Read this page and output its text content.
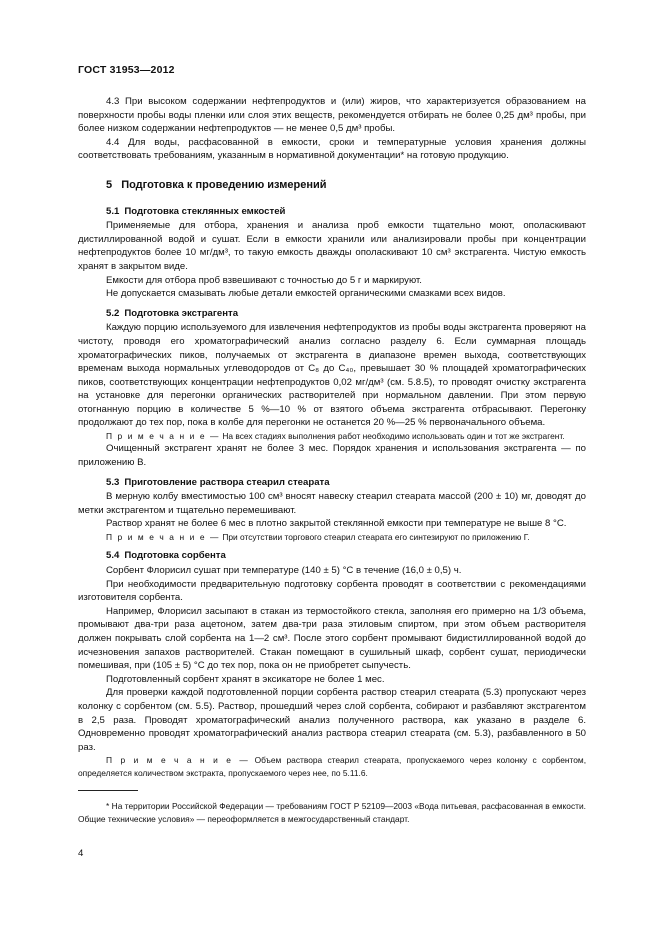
ГОСТ 31953—2012

4.3 При высоком содержании нефтепродуктов и (или) жиров, что характеризуется образованием на поверхности пробы воды пленки или слоя этих веществ, рекомендуется отбирать не более 0,25 дм³ пробы, при более низком содержании нефтепродуктов — не менее 0,5 дм³ пробы.

4.4 Для воды, расфасованной в емкости, сроки и температурные условия хранения должны соответствовать требованиям, указанным в нормативной документации* на готовую продукцию.

5 Подготовка к проведению измерений
5.1 Подготовка стеклянных емкостей

Применяемые для отбора, хранения и анализа проб емкости тщательно моют, ополаскивают дистиллированной водой и сушат. Если в емкости хранили или анализировали пробы при концентрации нефтепродуктов более 10 мг/дм³, то такую емкость дважды ополаскивают 10 см³ экстрагента. Чистую емкость хранят в закрытом виде.

Емкости для отбора проб взвешивают с точностью до 5 г и маркируют.

Не допускается смазывать любые детали емкостей органическими смазками всех видов.

5.2 Подготовка экстрагента

Каждую порцию используемого для извлечения нефтепродуктов из пробы воды экстрагента проверяют на чистоту, проводя его хроматографический анализ согласно разделу 6. Если суммарная площадь хроматографических пиков, получаемых от экстрагента в диапазоне времен выхода, соответствующих временам выхода нормальных углеводородов от C₈ до C₄₀, превышает 30 % площадей хроматографических пиков, соответствующих концентрации нефтепродуктов 0,02 мг/дм³ (см. 5.8.5), то проводят очистку экстрагента на установке для перегонки органических растворителей при нормальном давлении. При этом первую отогнанную порцию в количестве 5 %—10 % от взятого объема экстрагента отбрасывают. Перегонку продолжают до тех пор, пока в колбе для перегонки не останется 20 %—25 % первоначального объема.

П р и м е ч а н и е — На всех стадиях выполнения работ необходимо использовать один и тот же экстрагент.

Очищенный экстрагент хранят не более 3 мес. Порядок хранения и использования экстрагента — по приложению В.

5.3 Приготовление раствора стеарил стеарата

В мерную колбу вместимостью 100 см³ вносят навеску стеарил стеарата массой (200 ± 10) мг, доводят до метки экстрагентом и тщательно перемешивают.

Раствор хранят не более 6 мес в плотно закрытой стеклянной емкости при температуре не выше 8 °С.

П р и м е ч а н и е — При отсутствии торгового стеарил стеарата его синтезируют по приложению Г.

5.4 Подготовка сорбента

Сорбент Флорисил сушат при температуре (140 ± 5) °С в течение (16,0 ± 0,5) ч.

При необходимости предварительную подготовку сорбента проводят в соответствии с рекомендациями изготовителя сорбента.

Например, Флорисил засыпают в стакан из термостойкого стекла, заполняя его примерно на 1/3 объема, промывают два-три раза ацетоном, затем два-три раза этиловым спиртом, при этом объем растворителя должен покрывать слой сорбента на 1—2 см³. После этого сорбент промывают бидистиллированной водой до исчезновения запахов растворителей. Стакан помещают в сушильный шкаф, сорбент сушат, периодически помешивая, при (105 ± 5) °С до тех пор, пока он не приобретет сыпучесть.

Подготовленный сорбент хранят в эксикаторе не более 1 мес.

Для проверки каждой подготовленной порции сорбента раствор стеарил стеарата (5.3) пропускают через колонку с сорбентом (см. 5.5). Раствор, прошедший через слой сорбента, собирают и разбавляют экстрагентом в 2,5 раза. Проводят хроматографический анализ полученного раствора, как указано в разделе 6. Одновременно проводят хроматографический анализ раствора стеарил стеарата (см. 5.3), разбавленного в 50 раз.

П р и м е ч а н и е — Объем раствора стеарил стеарата, пропускаемого через колонку с сорбентом, определяется количеством экстракта, пропускаемого через нее, по 5.11.6.

* На территории Российской Федерации — требованиям ГОСТ Р 52109—2003 «Вода питьевая, расфасованная в емкости. Общие технические условия» — переоформляется в межгосударственный стандарт.
4
